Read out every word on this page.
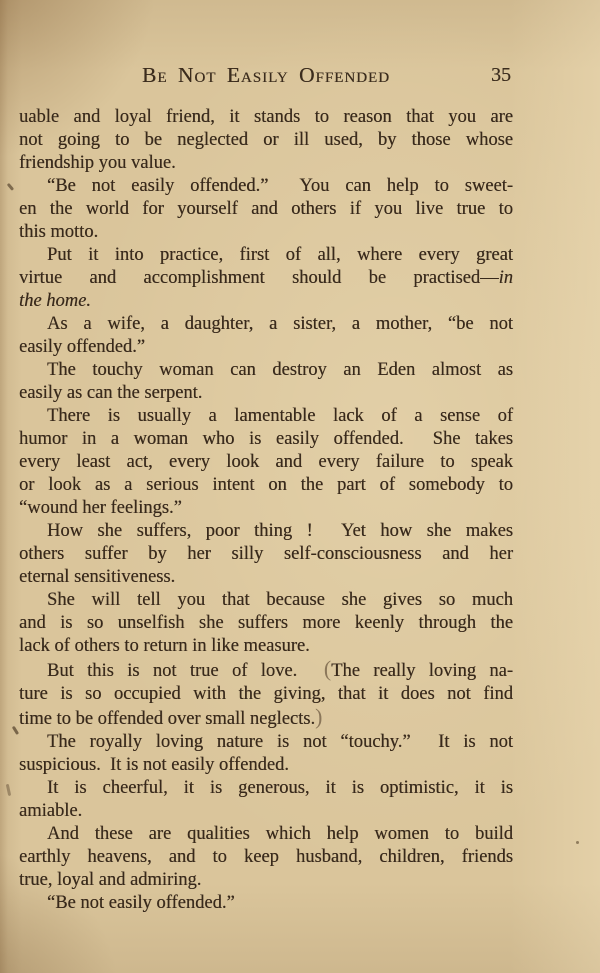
Be Not Easily Offended	35
uable and loyal friend, it stands to reason that you are
not going to be neglected or ill used, by those whose
friendship you value.
“Be not easily offended.”  You can help to sweet-
en the world for yourself and others if you live true to
this motto.
Put it into practice, first of all, where every great
virtue and accomplishment should be practised—in
the home.
As a wife, a daughter, a sister, a mother, “be not
easily offended.”
The touchy woman can destroy an Eden almost as
easily as can the serpent.
There is usually a lamentable lack of a sense of
humor in a woman who is easily offended.  She takes
every least act, every look and every failure to speak
or look as a serious intent on the part of somebody to
“wound her feelings.”
How she suffers, poor thing !  Yet how she makes
others suffer by her silly self-consciousness and her
eternal sensitiveness.
She will tell you that because she gives so much
and is so unselfish she suffers more keenly through the
lack of others to return in like measure.
But this is not true of love.  (The really loving na-
ture is so occupied with the giving, that it does not find
time to be offended over small neglects.)
The royally loving nature is not “touchy.”  It is not
suspicious.  It is not easily offended.
It is cheerful, it is generous, it is optimistic, it is
amiable.
And these are qualities which help women to build
earthly heavens, and to keep husband, children, friends
true, loyal and admiring.
“Be not easily offended.”
